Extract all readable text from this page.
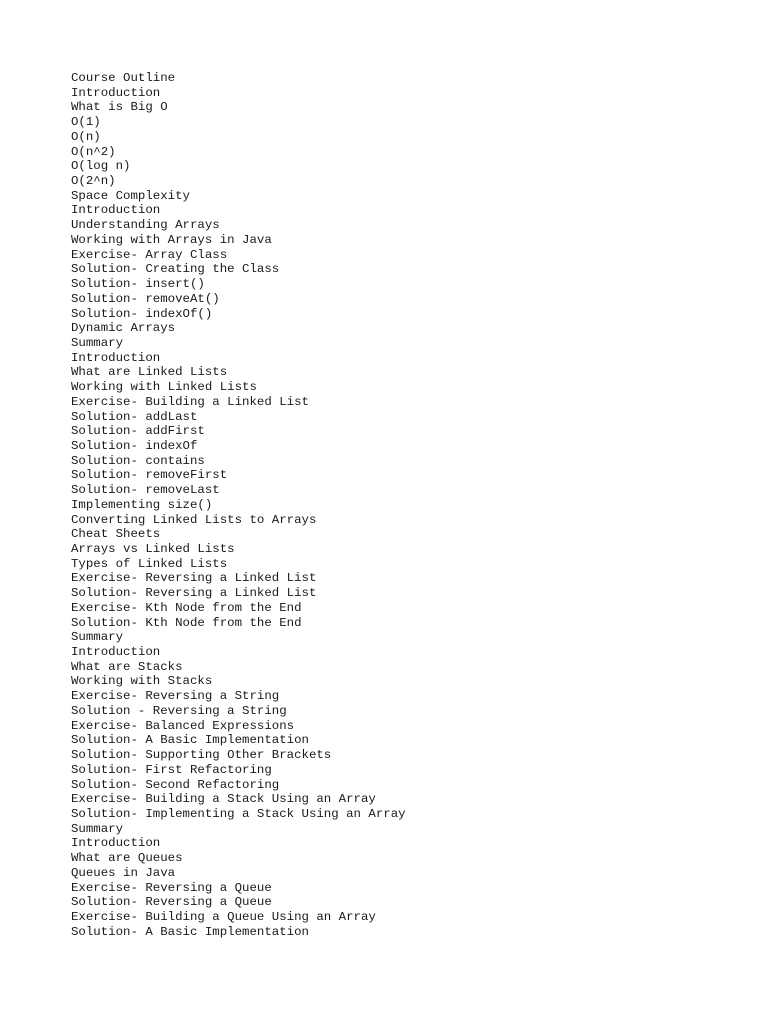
Course Outline
Introduction
What is Big O
O(1)
O(n)
O(n^2)
O(log n)
O(2^n)
Space Complexity
Introduction
Understanding Arrays
Working with Arrays in Java
Exercise- Array Class
Solution- Creating the Class
Solution- insert()
Solution- removeAt()
Solution- indexOf()
Dynamic Arrays
Summary
Introduction
What are Linked Lists
Working with Linked Lists
Exercise- Building a Linked List
Solution- addLast
Solution- addFirst
Solution- indexOf
Solution- contains
Solution- removeFirst
Solution- removeLast
Implementing size()
Converting Linked Lists to Arrays
Cheat Sheets
Arrays vs Linked Lists
Types of Linked Lists
Exercise- Reversing a Linked List
Solution- Reversing a Linked List
Exercise- Kth Node from the End
Solution- Kth Node from the End
Summary
Introduction
What are Stacks
Working with Stacks
Exercise- Reversing a String
Solution - Reversing a String
Exercise- Balanced Expressions
Solution- A Basic Implementation
Solution- Supporting Other Brackets
Solution- First Refactoring
Solution- Second Refactoring
Exercise- Building a Stack Using an Array
Solution- Implementing a Stack Using an Array
Summary
Introduction
What are Queues
Queues in Java
Exercise- Reversing a Queue
Solution- Reversing a Queue
Exercise- Building a Queue Using an Array
Solution- A Basic Implementation
